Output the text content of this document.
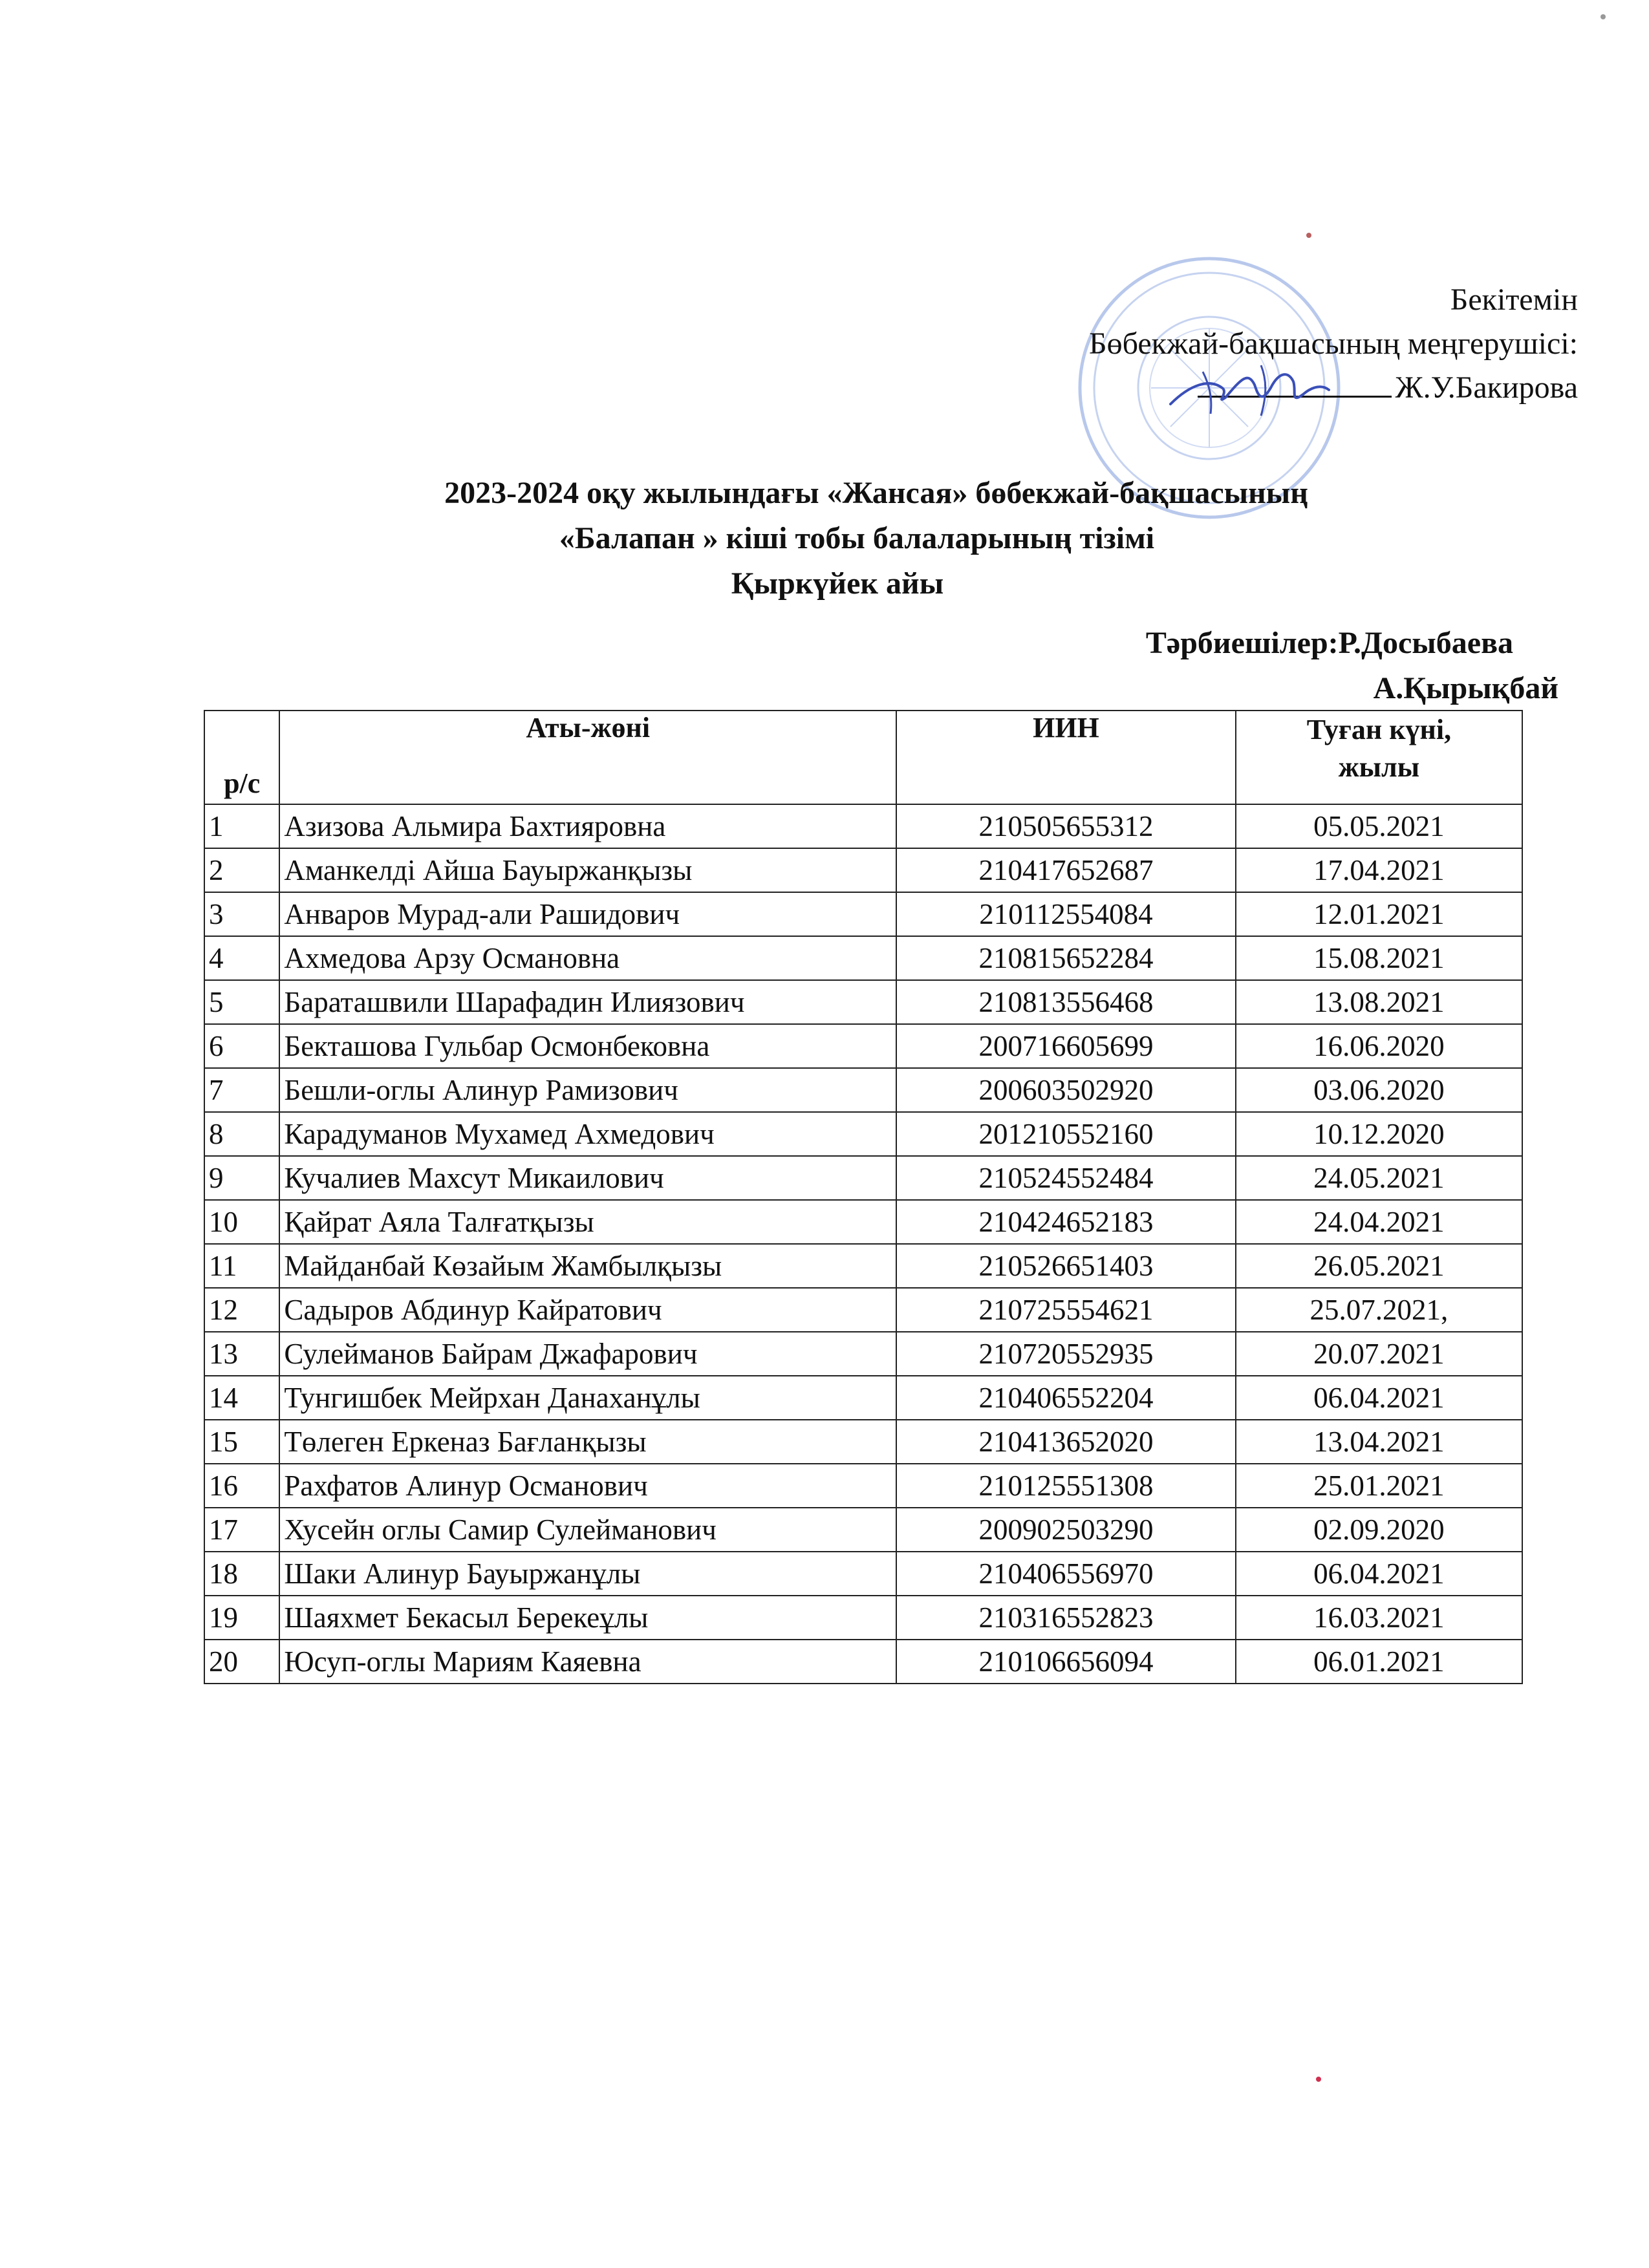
Бекітемін
Бөбекжай-бақшасының меңгерушісі:
Ж.У.Бакирова
2023-2024 оқу жылындағы «Жансая» бөбекжай-бақшасының
«Балапан » кіші тобы балаларының тізімі
Қыркүйек айы
Тәрбиешілер:Р.Досыбаева
А.Қырықбай
р/с	Аты-жөні	ИИН	Туған күні,
жылы

1	Азизова Альмира Бахтияровна	210505655312	05.05.2021
2	Аманкелді Айша Бауыржанқызы	210417652687	17.04.2021
3	Анваров Мурад-али Рашидович	210112554084	12.01.2021
4	Ахмедова Арзу Османовна	210815652284	15.08.2021
5	Бараташвили Шарафадин Илиязович	210813556468	13.08.2021
6	Бекташова Гульбар Осмонбековна	200716605699	16.06.2020
7	Бешли-оглы Алинур Рамизович	200603502920	03.06.2020
8	Карадуманов Мухамед Ахмедович	201210552160	10.12.2020
9	Кучалиев Махсут Микаилович	210524552484	24.05.2021
10	Қайрат Аяла Талғатқызы	210424652183	24.04.2021
11	Майданбай Көзайым Жамбылқызы	210526651403	26.05.2021
12	Садыров Абдинур Кайратович	210725554621	25.07.2021,
13	Сулейманов Байрам Джафарович	210720552935	20.07.2021
14	Тунгишбек Мейрхан Данаханұлы	210406552204	06.04.2021
15	Төлеген Еркеназ Бағланқызы	210413652020	13.04.2021
16	Рахфатов Алинур Османович	210125551308	25.01.2021
17	Хусейн оглы Самир Сулейманович	200902503290	02.09.2020
18	Шаки Алинур Бауыржанұлы	210406556970	06.04.2021
19	Шаяхмет Бекасыл Берекеұлы	210316552823	16.03.2021
20	Юсуп-оглы Мариям Каяевна	210106656094	06.01.2021
